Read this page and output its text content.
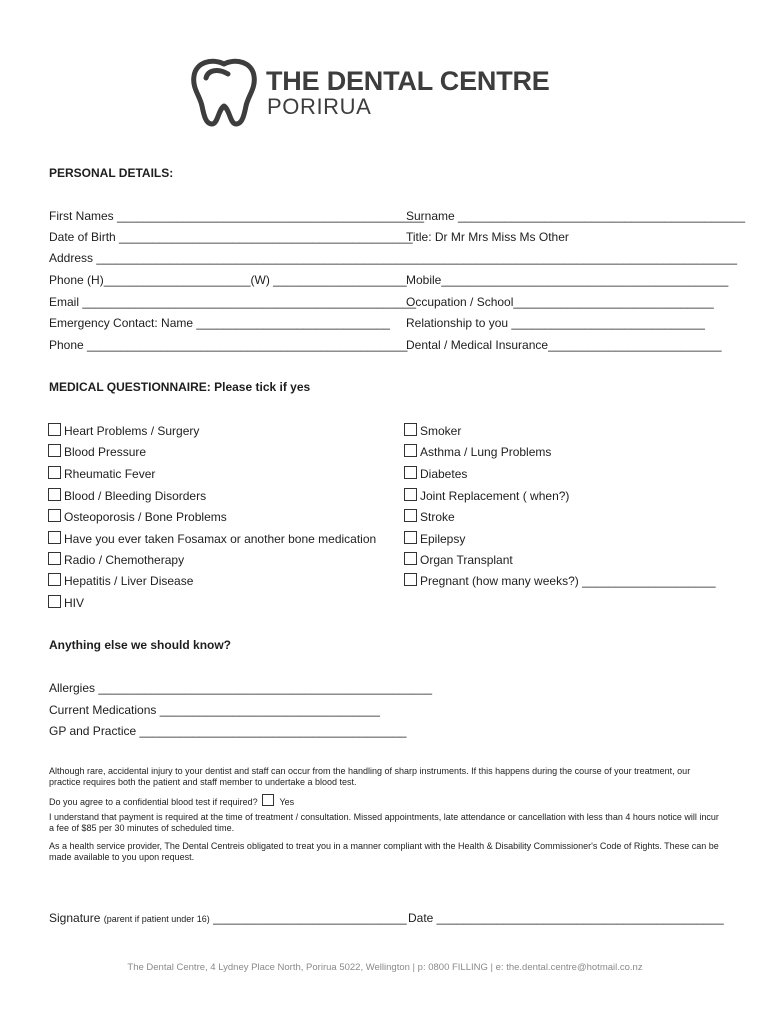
THE DENTAL CENTRE
PORIRUA
PERSONAL DETAILS:
First Names ______________________________________________
Surname ___________________________________________
Date of Birth ____________________________________________
Title: Dr Mr Mrs Miss Ms Other
Address ________________________________________________________________________________________________
Phone (H)______________________(W) ____________________ Mobile___________________________________________
Email __________________________________________________
Occupation / School______________________________
Emergency Contact: Name _____________________________ Relationship to you _____________________________
Phone ________________________________________________
Dental / Medical Insurance__________________________
MEDICAL QUESTIONNAIRE: Please tick if yes
Heart Problems / Surgery
Blood Pressure
Rheumatic Fever
Blood / Bleeding Disorders
Osteoporosis / Bone Problems
Have you ever taken Fosamax or another bone medication
Radio / Chemotherapy
Hepatitis / Liver Disease
HIV
Smoker
Asthma / Lung Problems
Diabetes
Joint Replacement ( when?)
Stroke
Epilepsy
Organ Transplant
Pregnant (how many weeks?) ____________________
Anything else we should know?
Allergies __________________________________________________
Current Medications _________________________________
GP and Practice ________________________________________
Although rare, accidental injury to your dentist and staff can occur from the handling of sharp instruments. If this happens during the course of your treatment, our practice requires both the patient and staff member to undertake a blood test.
Do you agree to a confidential blood test if required? Yes
I understand that payment is required at the time of treatment / consultation. Missed appointments, late attendance or cancellation with less than 4 hours notice will incur a fee of $85 per 30 minutes of scheduled time.
As a health service provider, The Dental Centreis obligated to treat you in a manner compliant with the Health & Disability Commissioner's Code of Rights. These can be made available to you upon request.
Signature (parent if patient under 16) _____________________________ Date ___________________________________________
The Dental Centre, 4 Lydney Place North, Porirua 5022, Wellington | p: 0800 FILLING | e: the.dental.centre@hotmail.co.nz
